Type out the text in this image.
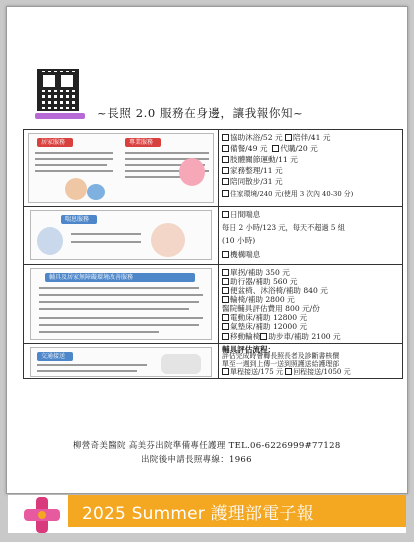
~長照 2.0 服務在身邊，讓我報你知~
居家服務	專業服務
喘息服務
輔具及居家無障礙環境改善服務
交通接送
協助沐浴/52 元 陪伴/41 元
備餐/49 元 代購/20 元
肢體關節運動/11 元
家務整理/11 元
陪同散步/31 元
住家環境/240 元(使用 3 次內 40-30 分)
日間喘息
每日 2 小時/123 元，每天不超過 5 組
(10 小時)
機構喘息
單拐/補助 350 元
助行器/補助 560 元
便盆椅、沐浴椅/補助 840 元
輪椅/補助 2800 元
醫院輔具評估費用 800 元/份
電動床/補助 12800 元
氣墊床/補助 12000 元
移動輪椅 助步車/補助 2100 元
輔具評估流程：
評估完成時會轉長照長者及診斷書核價
單至一週到上傳一送到照護送給護理部
單程接送/175 元 回程接送/1050 元
柳營奇美醫院 高美芬出院準備專任護理 TEL.06-6226999#77128
出院後申請長照專線：1966
2025 Summer 護理部電子報
